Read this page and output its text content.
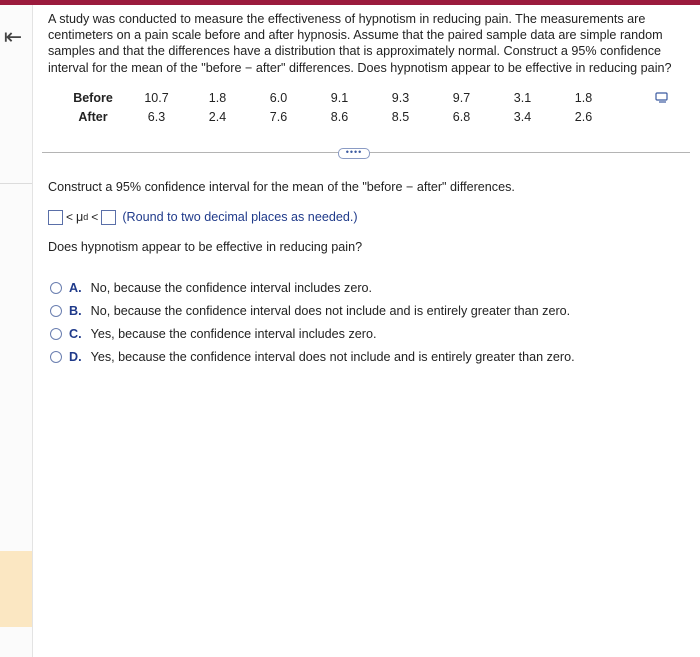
⇤
A study was conducted to measure the effectiveness of hypnotism in reducing pain. The measurements are centimeters on a pain scale before and after hypnosis. Assume that the paired sample data are simple random samples and that the differences have a distribution that is approximately normal. Construct a 95% confidence interval for the mean of the "before − after" differences. Does hypnotism appear to be effective in reducing pain?
Before	10.7	1.8	6.0	9.1	9.3	9.7	3.1	1.8
After	6.3	2.4	7.6	8.6	8.5	6.8	3.4	2.6
••••
Construct a 95% confidence interval for the mean of the "before − after" differences.
< μ d < (Round to two decimal places as needed.)
Does hypnotism appear to be effective in reducing pain?
A. No, because the confidence interval includes zero.
B. No, because the confidence interval does not include and is entirely greater than zero.
C. Yes, because the confidence interval includes zero.
D. Yes, because the confidence interval does not include and is entirely greater than zero.
